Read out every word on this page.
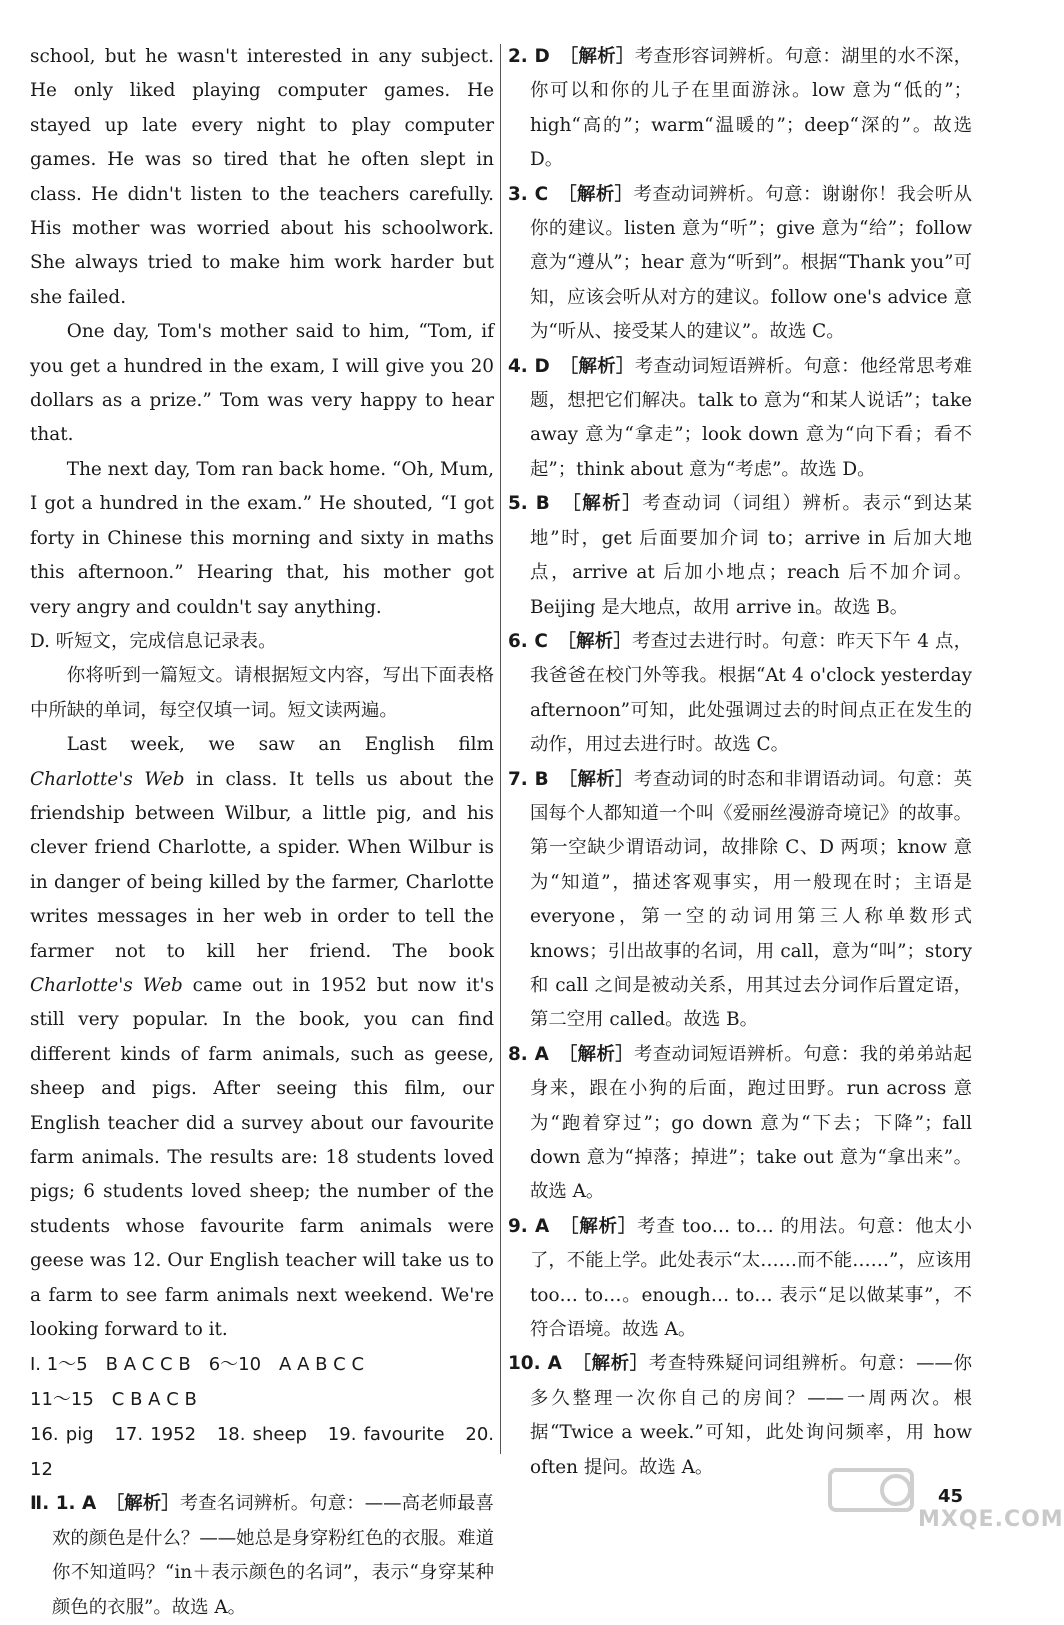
school, but he wasn't interested in any subject. He only liked playing computer games. He stayed up late every night to play computer games. He was so tired that he often slept in class. He didn't listen to the teachers carefully. His mother was worried about his schoolwork. She always tried to make him work harder but she failed.

One day, Tom's mother said to him, “Tom, if you get a hundred in the exam, I will give you 20 dollars as a prize.” Tom was very happy to hear that.

The next day, Tom ran back home. “Oh, Mum, I got a hundred in the exam.” He shouted, “I got forty in Chinese this morning and sixty in maths this afternoon.” Hearing that, his mother got very angry and couldn't say anything.

D. 听短文，完成信息记录表。

你将听到一篇短文。请根据短文内容，写出下面表格中所缺的单词，每空仅填一词。短文读两遍。

Last week, we saw an English film Charlotte's Web in class. It tells us about the friendship between Wilbur, a little pig, and his clever friend Charlotte, a spider. When Wilbur is in danger of being killed by the farmer, Charlotte writes messages in her web in order to tell the farmer not to kill her friend. The book Charlotte's Web came out in 1952 but now it's still very popular. In the book, you can find different kinds of farm animals, such as geese, sheep and pigs. After seeing this film, our English teacher did a survey about our favourite farm animals. The results are: 18 students loved pigs; 6 students loved sheep; the number of the students whose favourite farm animals were geese was 12. Our English teacher will take us to a farm to see farm animals next weekend. We're looking forward to it.

Ⅰ. 1～5　B A C C B　6～10　A A B C C

11～15　C B A C B

16. pig　17. 1952　18. sheep　19. favourite　20. 12

Ⅱ. 1. A　 ［解析］考查名词辨析。句意：——高老师最喜欢的颜色是什么？——她总是身穿粉红色的衣服。难道你不知道吗？“in＋表示颜色的名词”，表示“身穿某种颜色的衣服”。故选 A。

2. D　 ［解析］考查形容词辨析。句意：湖里的水不深，你可以和你的儿子在里面游泳。low 意为“低的”；high“高的”；warm“温暖的”；deep“深的”。故选 D。

3. C　 ［解析］考查动词辨析。句意：谢谢你！我会听从你的建议。listen 意为“听”；give 意为“给”；follow 意为“遵从”；hear 意为“听到”。根据“Thank you”可知，应该会听从对方的建议。follow one's advice 意为“听从、接受某人的建议”。故选 C。

4. D　 ［解析］考查动词短语辨析。句意：他经常思考难题，想把它们解决。talk to 意为“和某人说话”；take away 意为“拿走”；look down 意为“向下看；看不起”；think about 意为“考虑”。故选 D。

5. B　 ［解析］考查动词（词组）辨析。表示“到达某地”时，get 后面要加介词 to；arrive in 后加大地点，arrive at 后加小地点；reach 后不加介词。Beijing 是大地点，故用 arrive in。故选 B。

6. C　 ［解析］考查过去进行时。句意：昨天下午 4 点，我爸爸在校门外等我。根据“At 4 o'clock yesterday afternoon”可知，此处强调过去的时间点正在发生的动作，用过去进行时。故选 C。

7. B　 ［解析］考查动词的时态和非谓语动词。句意：英国每个人都知道一个叫《爱丽丝漫游奇境记》的故事。第一空缺少谓语动词，故排除 C、D 两项；know 意为“知道”，描述客观事实，用一般现在时；主语是 everyone，第一空的动词用第三人称单数形式 knows；引出故事的名词，用 call，意为“叫”；story 和 call 之间是被动关系，用其过去分词作后置定语，第二空用 called。故选 B。

8. A　 ［解析］考查动词短语辨析。句意：我的弟弟站起身来，跟在小狗的后面，跑过田野。run across 意为“跑着穿过”；go down 意为“下去；下降”；fall down 意为“掉落；掉进”；take out 意为“拿出来”。故选 A。

9. A　 ［解析］考查 too… to… 的用法。句意：他太小了，不能上学。此处表示“太……而不能……”，应该用 too… to…。enough… to… 表示“足以做某事”，不符合语境。故选 A。

10. A　 ［解析］考查特殊疑问词组辨析。句意：——你多久整理一次你自己的房间？——一周两次。根据“Twice a week.”可知，此处询问频率，用 how often 提问。故选 A。

MXQE.COM
45
